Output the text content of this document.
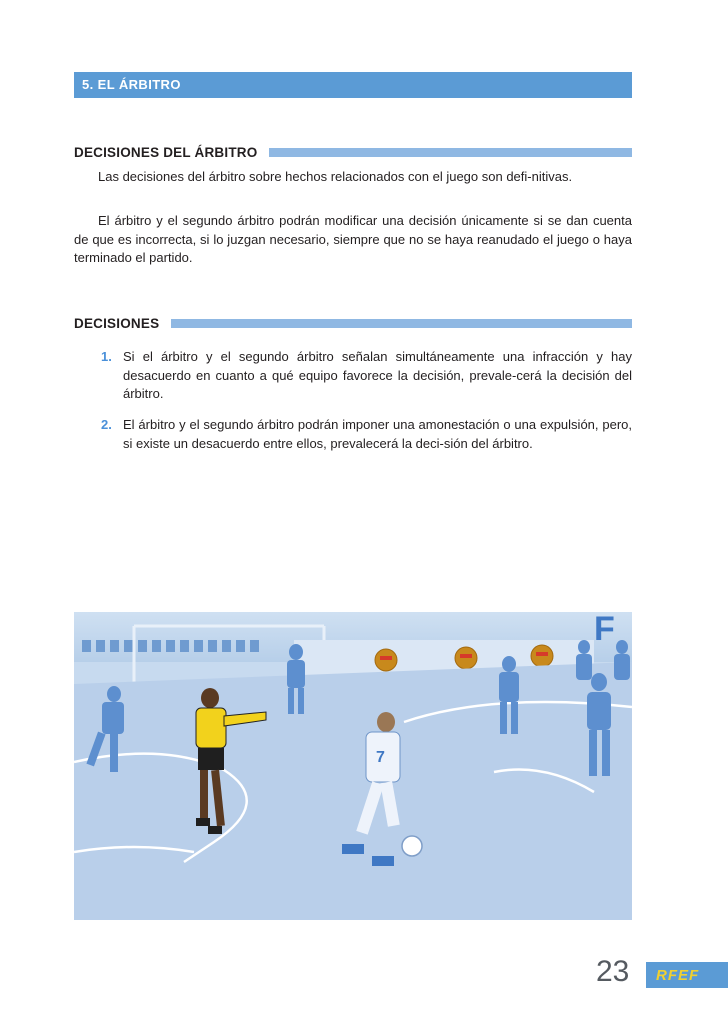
5. EL ÁRBITRO
DECISIONES DEL ÁRBITRO

Las decisiones del árbitro sobre hechos relacionados con el juego son defi-nitivas.

El árbitro y el segundo árbitro podrán modificar una decisión únicamente si se dan cuenta de que es incorrecta, si lo juzgan necesario, siempre que no se haya reanudado el juego o haya terminado el partido.

DECISIONES
1. Si el árbitro y el segundo árbitro señalan simultáneamente una infracción y hay desacuerdo en cuanto a qué equipo favorece la decisión, prevale-cerá la decisión del árbitro.
2. El árbitro y el segundo árbitro podrán imponer una amonestación o una expulsión, pero, si existe un desacuerdo entre ellos, prevalecerá la deci-sión del árbitro.
F
7
23 RFEF
